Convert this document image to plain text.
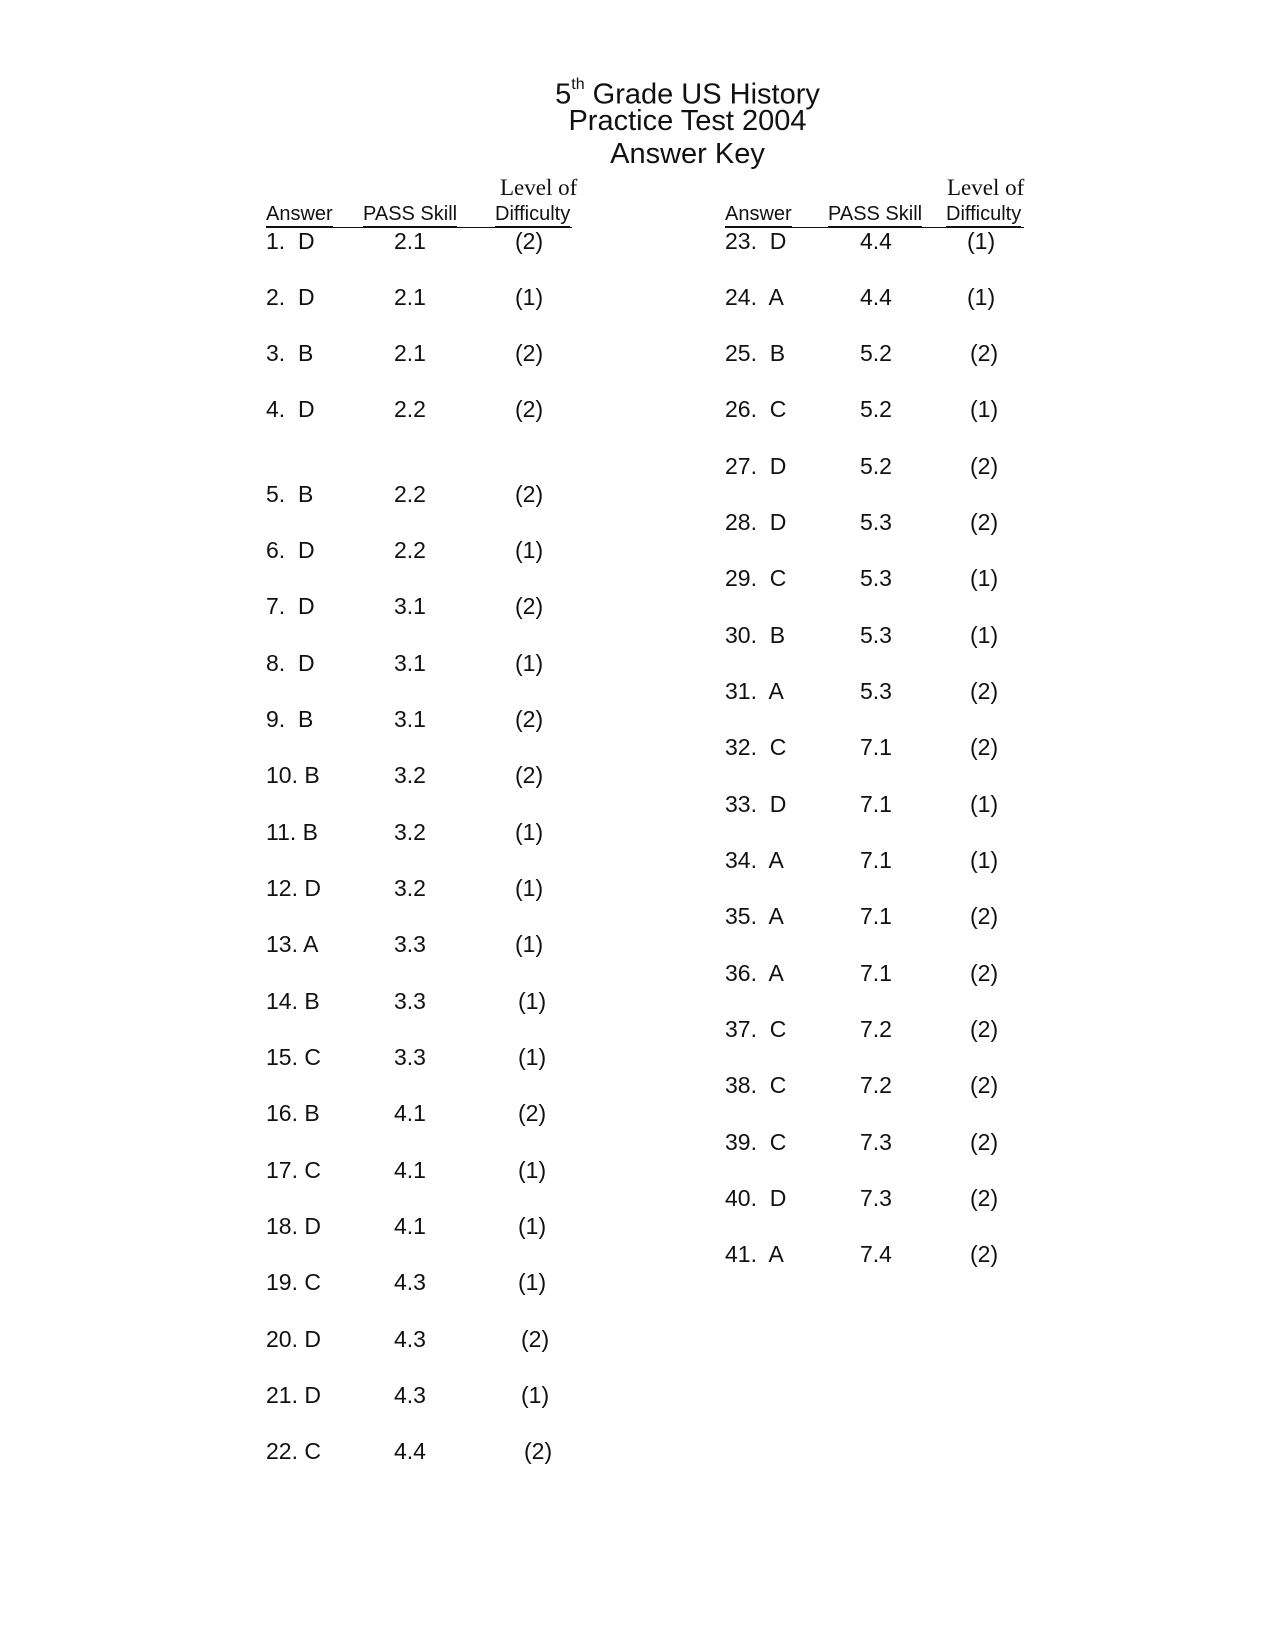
5th Grade US History
Practice Test 2004
Answer Key
Level of
Answer PASS Skill Difficulty
Level of
Answer PASS Skill Difficulty
1.  D	2.1	(2)
2.  D	2.1	(1)
3.  B	2.1	(2)
4.  D	2.2	(2)
5.  B	2.2	(2)
6.  D	2.2	(1)
7.  D	3.1	(2)
8.  D	3.1	(1)
9.  B	3.1	(2)
10. B	3.2	(2)
11. B	3.2	(1)
12. D	3.2	(1)
13. A	3.3	(1)
14. B	3.3	(1)
15. C	3.3	(1)
16. B	4.1	(2)
17. C	4.1	(1)
18. D	4.1	(1)
19. C	4.3	(1)
20. D	4.3	(2)
21. D	4.3	(1)
22. C	4.4	(2)
23.  D	4.4	(1)
24.  A	4.4	(1)
25.  B	5.2	(2)
26.  C	5.2	(1)
27.  D	5.2	(2)
28.  D	5.3	(2)
29.  C	5.3	(1)
30.  B	5.3	(1)
31.  A	5.3	(2)
32.  C	7.1	(2)
33.  D	7.1	(1)
34.  A	7.1	(1)
35.  A	7.1	(2)
36.  A	7.1	(2)
37.  C	7.2	(2)
38.  C	7.2	(2)
39.  C	7.3	(2)
40.  D	7.3	(2)
41.  A	7.4	(2)
